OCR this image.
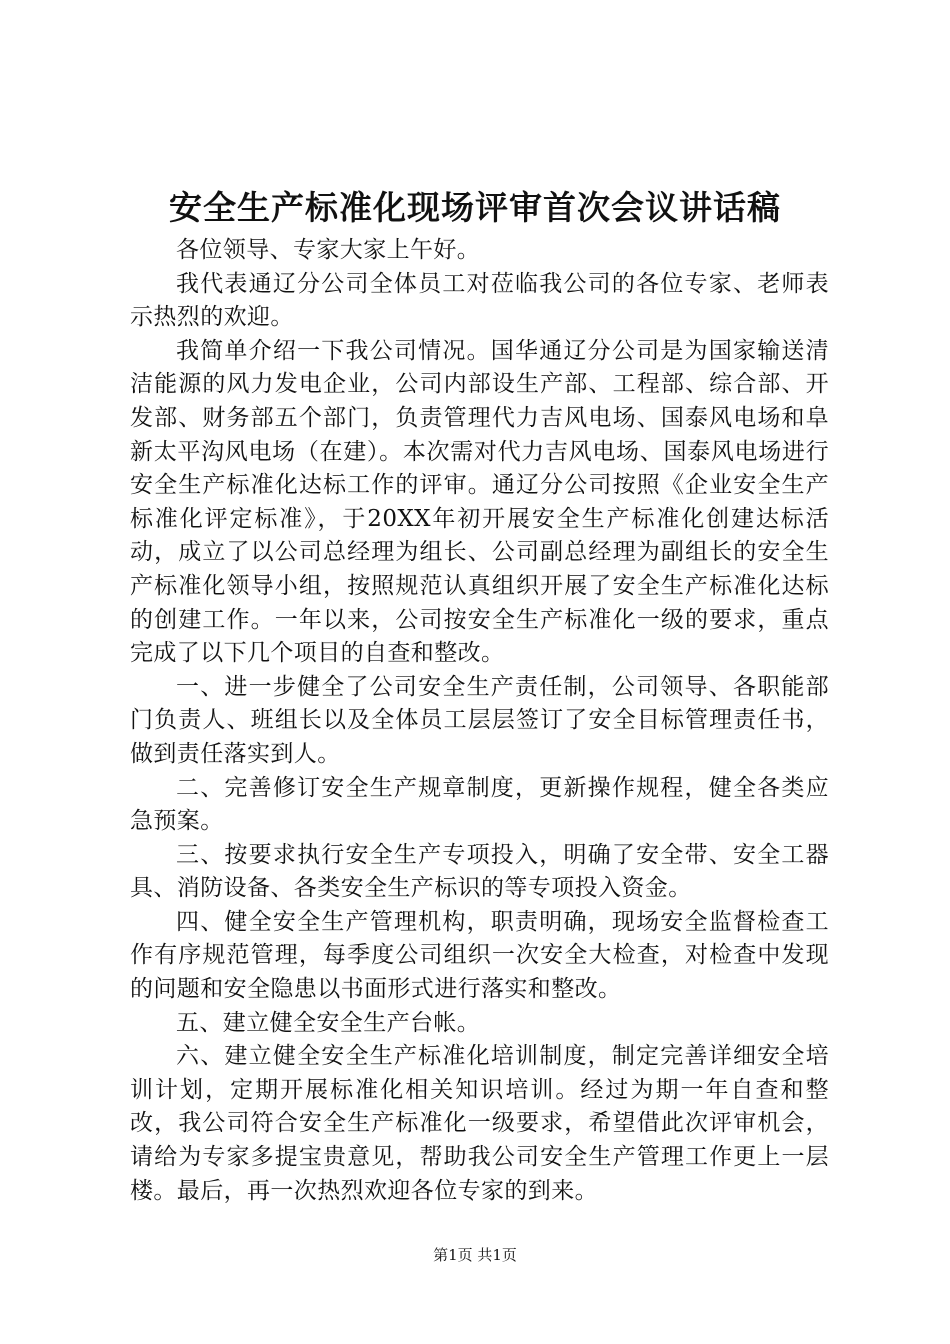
安全生产标准化现场评审首次会议讲话稿

各位领导、专家大家上午好。

我代表通辽分公司全体员工对莅临我公司的各位专家、老师表示热烈的欢迎。

我简单介绍一下我公司情况。国华通辽分公司是为国家输送清洁能源的风力发电企业，公司内部设生产部、工程部、综合部、开发部、财务部五个部门，负责管理代力吉风电场、国泰风电场和阜新太平沟风电场（在建）。本次需对代力吉风电场、国泰风电场进行安全生产标准化达标工作的评审。通辽分公司按照《企业安全生产标准化评定标准》，于20XX年初开展安全生产标准化创建达标活动，成立了以公司总经理为组长、公司副总经理为副组长的安全生产标准化领导小组，按照规范认真组织开展了安全生产标准化达标的创建工作。一年以来，公司按安全生产标准化一级的要求，重点完成了以下几个项目的自查和整改。

一、进一步健全了公司安全生产责任制，公司领导、各职能部门负责人、班组长以及全体员工层层签订了安全目标管理责任书，做到责任落实到人。

二、完善修订安全生产规章制度，更新操作规程，健全各类应急预案。

三、按要求执行安全生产专项投入，明确了安全带、安全工器具、消防设备、各类安全生产标识的等专项投入资金。

四、健全安全生产管理机构，职责明确，现场安全监督检查工作有序规范管理，每季度公司组织一次安全大检查，对检查中发现的问题和安全隐患以书面形式进行落实和整改。

五、建立健全安全生产台帐。

六、建立健全安全生产标准化培训制度，制定完善详细安全培训计划，定期开展标准化相关知识培训。经过为期一年自查和整改，我公司符合安全生产标准化一级要求，希望借此次评审机会，请给为专家多提宝贵意见，帮助我公司安全生产管理工作更上一层楼。最后，再一次热烈欢迎各位专家的到来。

第1页 共1页
